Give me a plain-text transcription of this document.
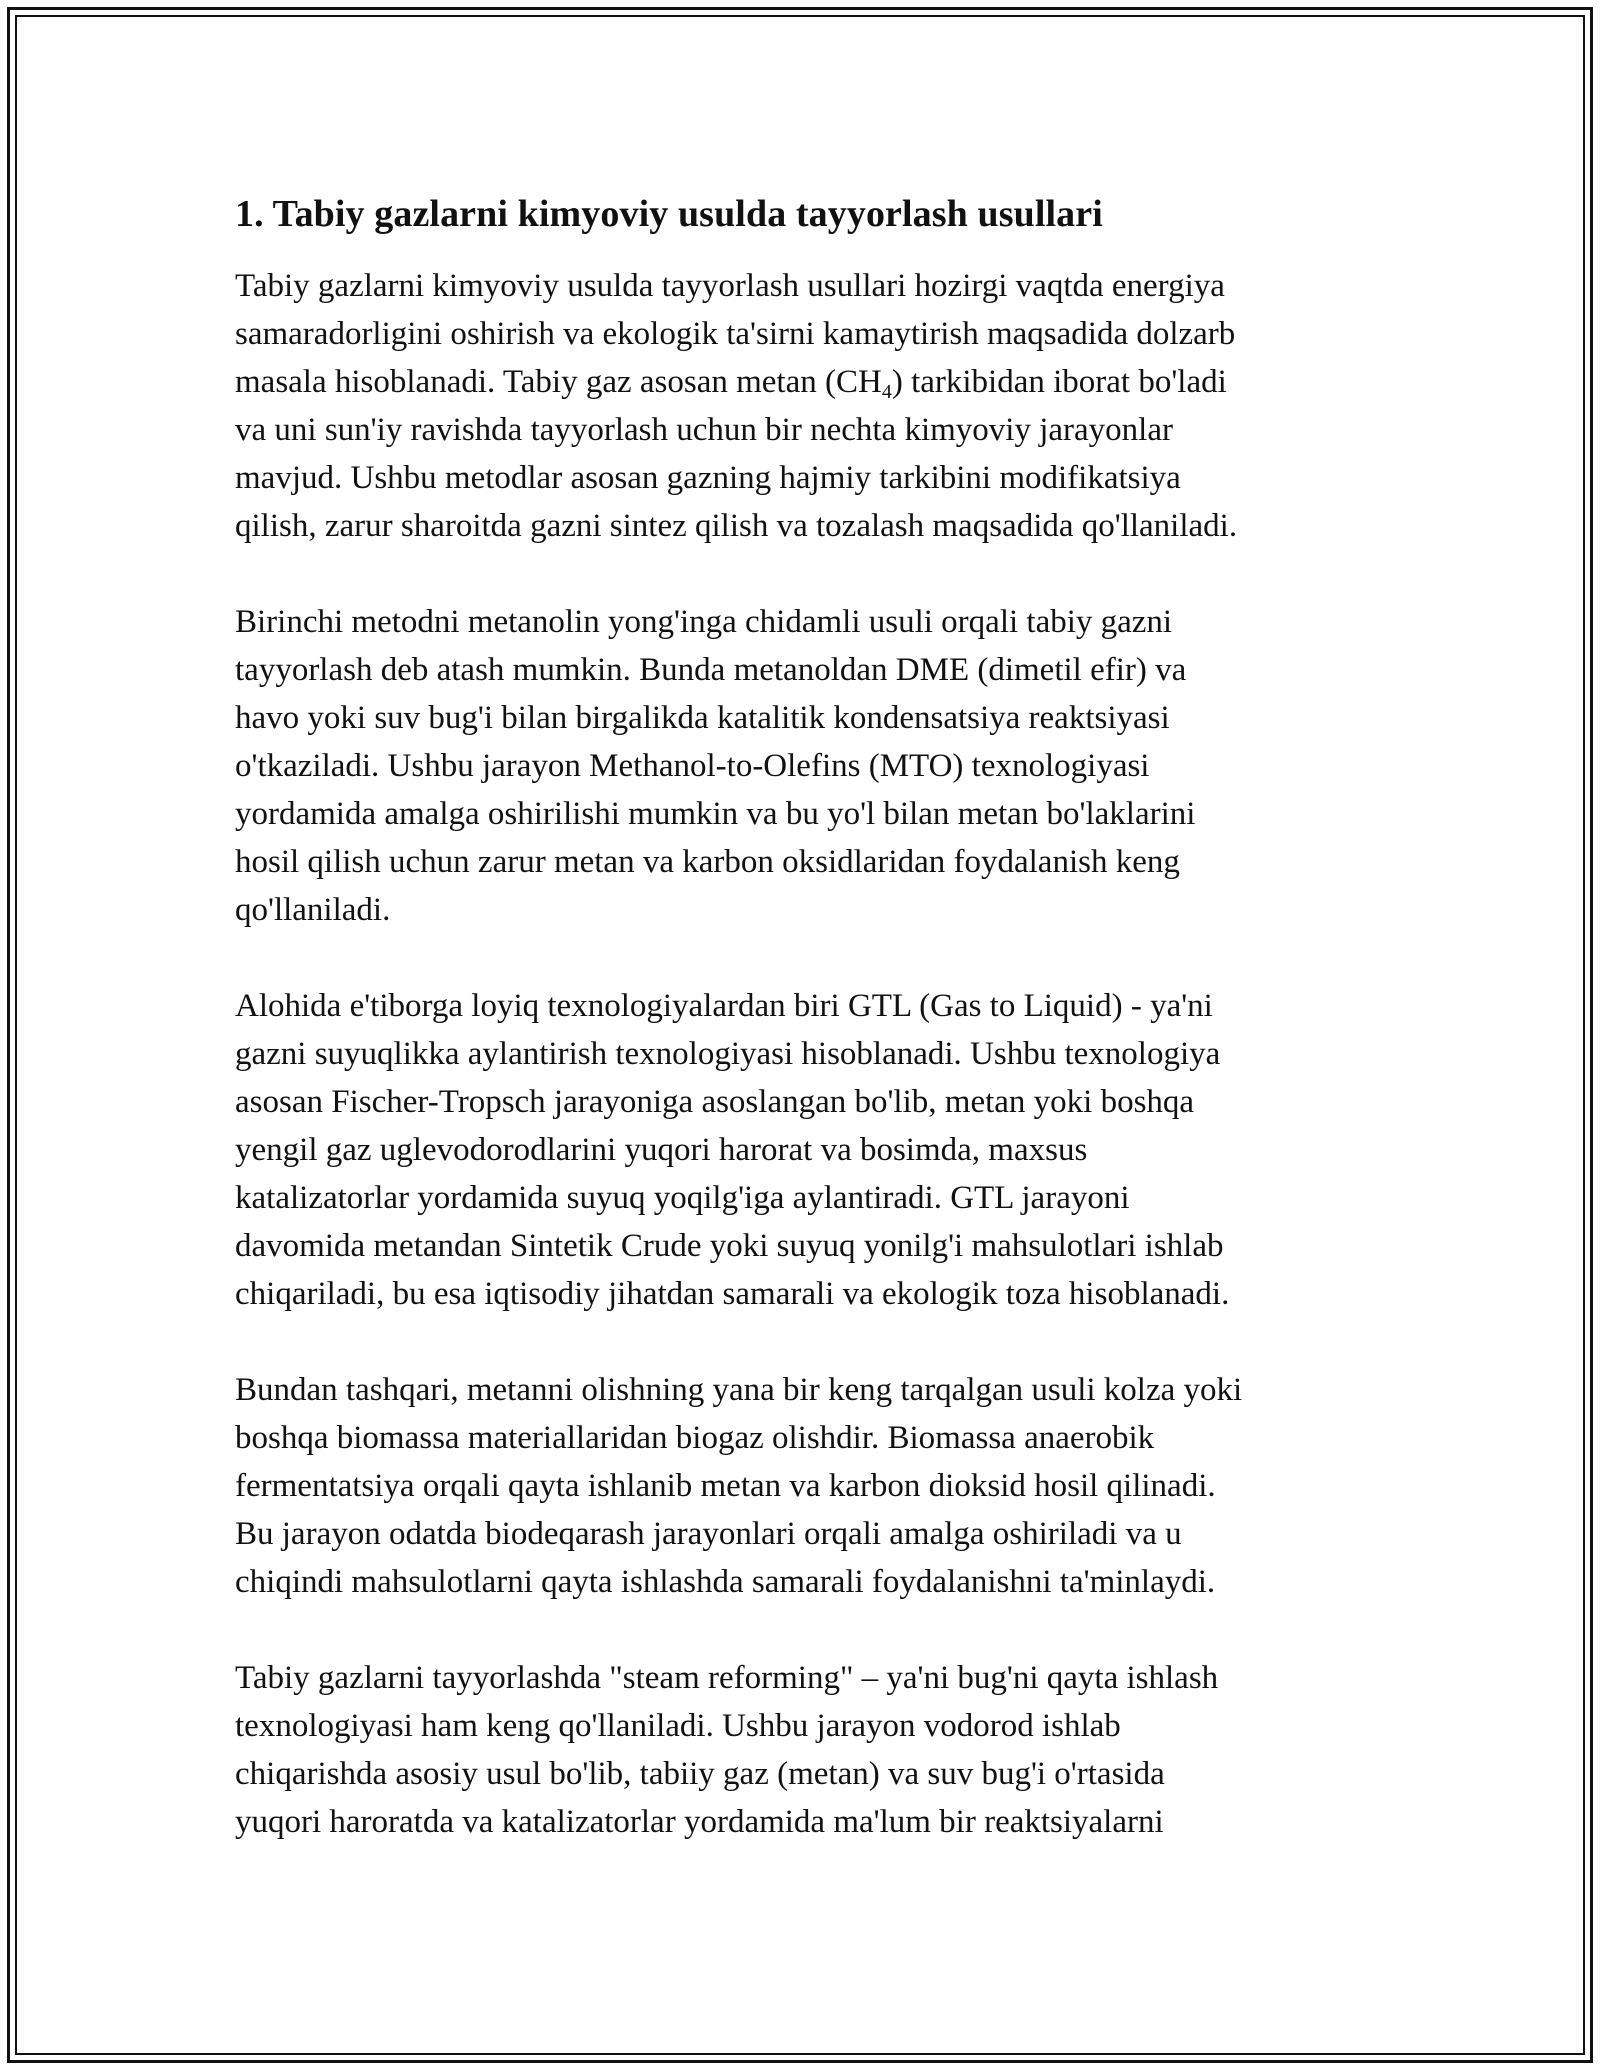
1. Tabiy gazlarni kimyoviy usulda tayyorlash usullari
Tabiy gazlarni kimyoviy usulda tayyorlash usullari hozirgi vaqtda energiya
samaradorligini oshirish va ekologik ta'sirni kamaytirish maqsadida dolzarb
masala hisoblanadi. Tabiy gaz asosan metan $(CH_4)$ tarkibidan iborat bo'ladi
va uni sun'iy ravishda tayyorlash uchun bir nechta kimyoviy jarayonlar
mavjud. Ushbu metodlar asosan gazning hajmiy tarkibini modifikatsiya
qilish, zarur sharoitda gazni sintez qilish va tozalash maqsadida qo'llaniladi.
Birinchi metodni metanolin yong'inga chidamli usuli orqali tabiy gazni
tayyorlash deb atash mumkin. Bunda metanoldan DME (dimetil efir) va
havo yoki suv bug'i bilan birgalikda katalitik kondensatsiya reaktsiyasi
o'tkaziladi. Ushbu jarayon Methanol-to-Olefins (MTO) texnologiyasi
yordamida amalga oshirilishi mumkin va bu yo'l bilan metan bo'laklarini
hosil qilish uchun zarur metan va karbon oksidlaridan foydalanish keng
qo'llaniladi.
Alohida e'tiborga loyiq texnologiyalardan biri GTL (Gas to Liquid) - ya'ni
gazni suyuqlikka aylantirish texnologiyasi hisoblanadi. Ushbu texnologiya
asosan Fischer-Tropsch jarayoniga asoslangan bo'lib, metan yoki boshqa
yengil gaz uglevodorodlarini yuqori harorat va bosimda, maxsus
katalizatorlar yordamida suyuq yoqilg'iga aylantiradi. GTL jarayoni
davomida metandan Sintetik Crude yoki suyuq yonilg'i mahsulotlari ishlab
chiqariladi, bu esa iqtisodiy jihatdan samarali va ekologik toza hisoblanadi.
Bundan tashqari, metanni olishning yana bir keng tarqalgan usuli kolza yoki
boshqa biomassa materiallaridan biogaz olishdir. Biomassa anaerobik
fermentatsiya orqali qayta ishlanib metan va karbon dioksid hosil qilinadi.
Bu jarayon odatda biodeqarash jarayonlari orqali amalga oshiriladi va u
chiqindi mahsulotlarni qayta ishlashda samarali foydalanishni ta'minlaydi.
Tabiy gazlarni tayyorlashda "steam reforming" – ya'ni bug'ni qayta ishlash
texnologiyasi ham keng qo'llaniladi. Ushbu jarayon vodorod ishlab
chiqarishda asosiy usul bo'lib, tabiiy gaz (metan) va suv bug'i o'rtasida
yuqori haroratda va katalizatorlar yordamida ma'lum bir reaktsiyalarni
